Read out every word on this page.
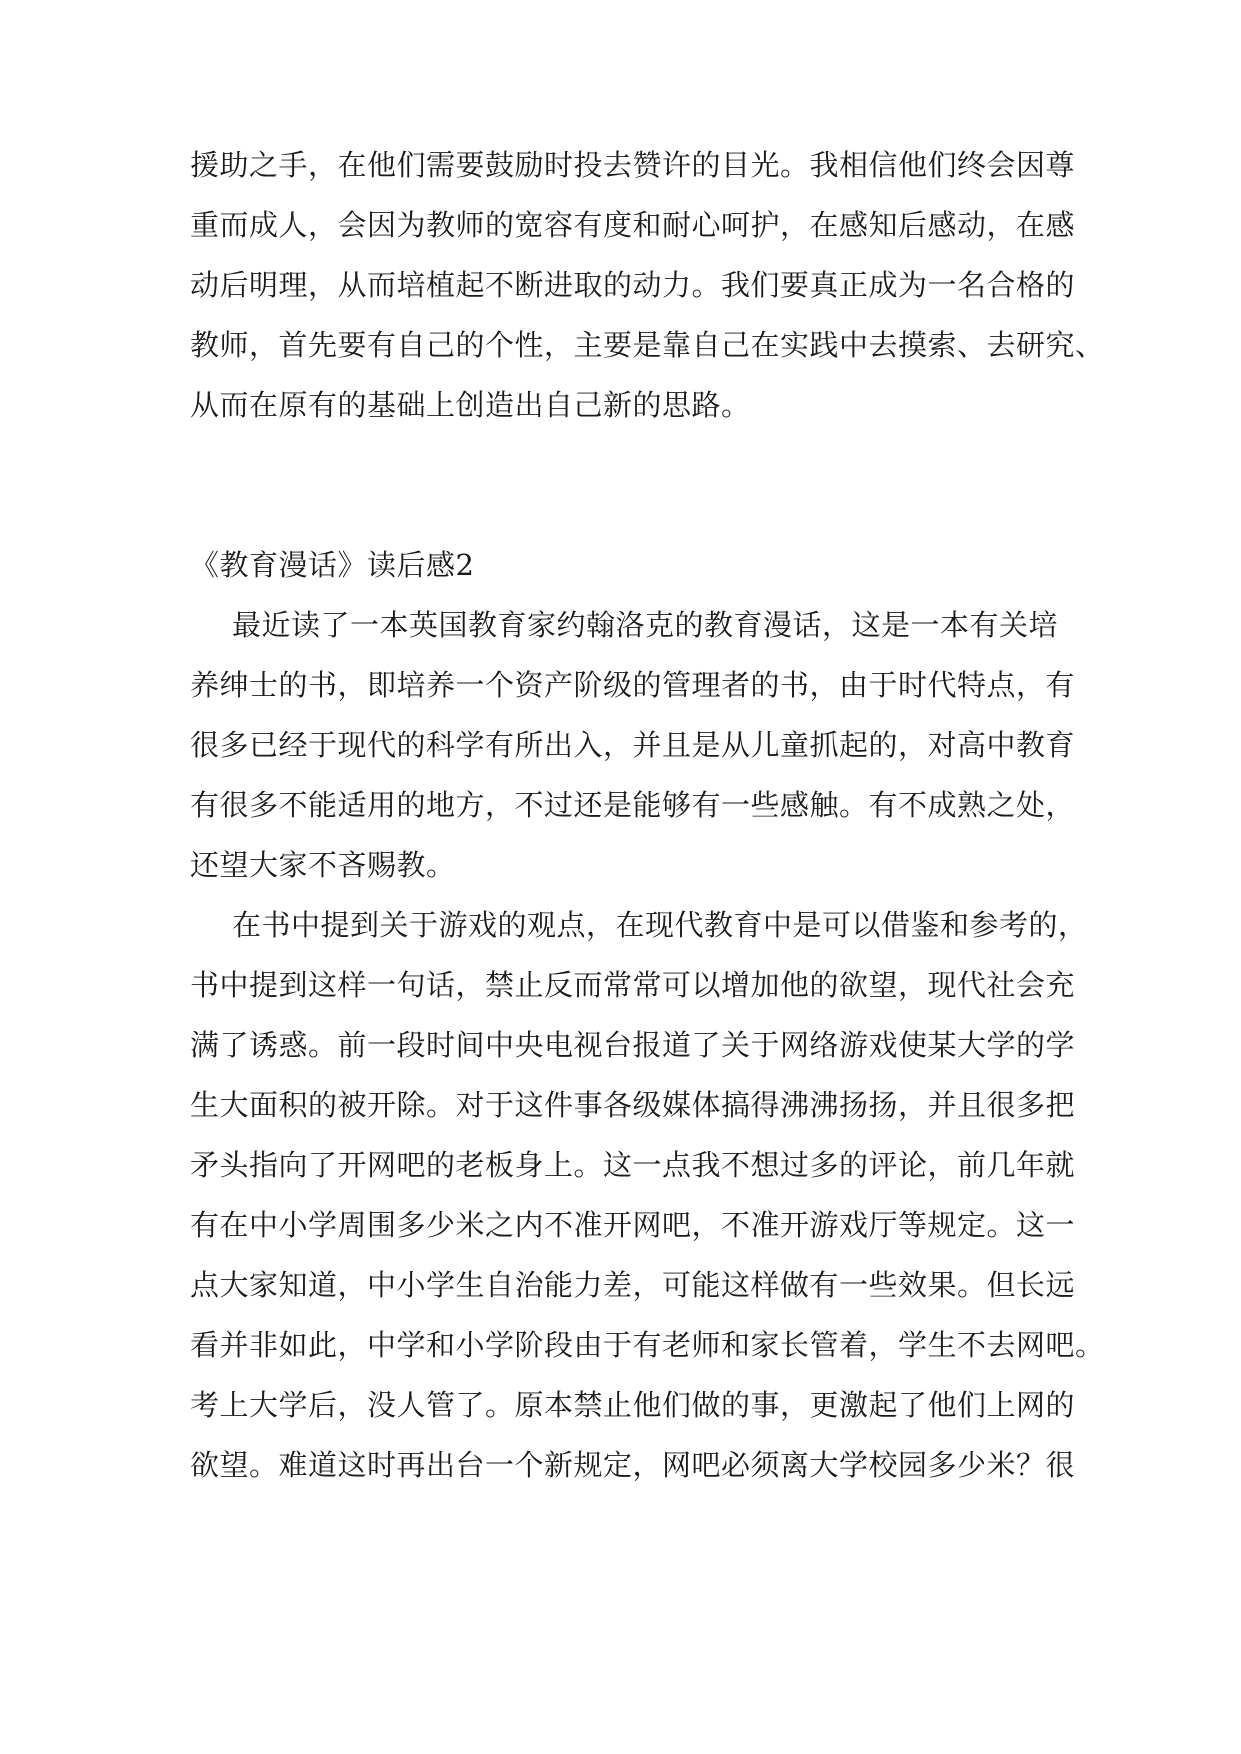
援助之手，在他们需要鼓励时投去赞许的目光。我相信他们终会因尊
重而成人，会因为教师的宽容有度和耐心呵护，在感知后感动，在感
动后明理，从而培植起不断进取的动力。我们要真正成为一名合格的
教师，首先要有自己的个性，主要是靠自己在实践中去摸索、去研究、
从而在原有的基础上创造出自己新的思路。
《教育漫话》读后感2
最近读了一本英国教育家约翰洛克的教育漫话，这是一本有关培
养绅士的书，即培养一个资产阶级的管理者的书，由于时代特点，有
很多已经于现代的科学有所出入，并且是从儿童抓起的，对高中教育
有很多不能适用的地方，不过还是能够有一些感触。有不成熟之处，
还望大家不吝赐教。
在书中提到关于游戏的观点，在现代教育中是可以借鉴和参考的，
书中提到这样一句话，禁止反而常常可以增加他的欲望，现代社会充
满了诱惑。前一段时间中央电视台报道了关于网络游戏使某大学的学
生大面积的被开除。对于这件事各级媒体搞得沸沸扬扬，并且很多把
矛头指向了开网吧的老板身上。这一点我不想过多的评论，前几年就
有在中小学周围多少米之内不准开网吧，不准开游戏厅等规定。这一
点大家知道，中小学生自治能力差，可能这样做有一些效果。但长远
看并非如此，中学和小学阶段由于有老师和家长管着，学生不去网吧。
考上大学后，没人管了。原本禁止他们做的事，更激起了他们上网的
欲望。难道这时再出台一个新规定，网吧必须离大学校园多少米？很
